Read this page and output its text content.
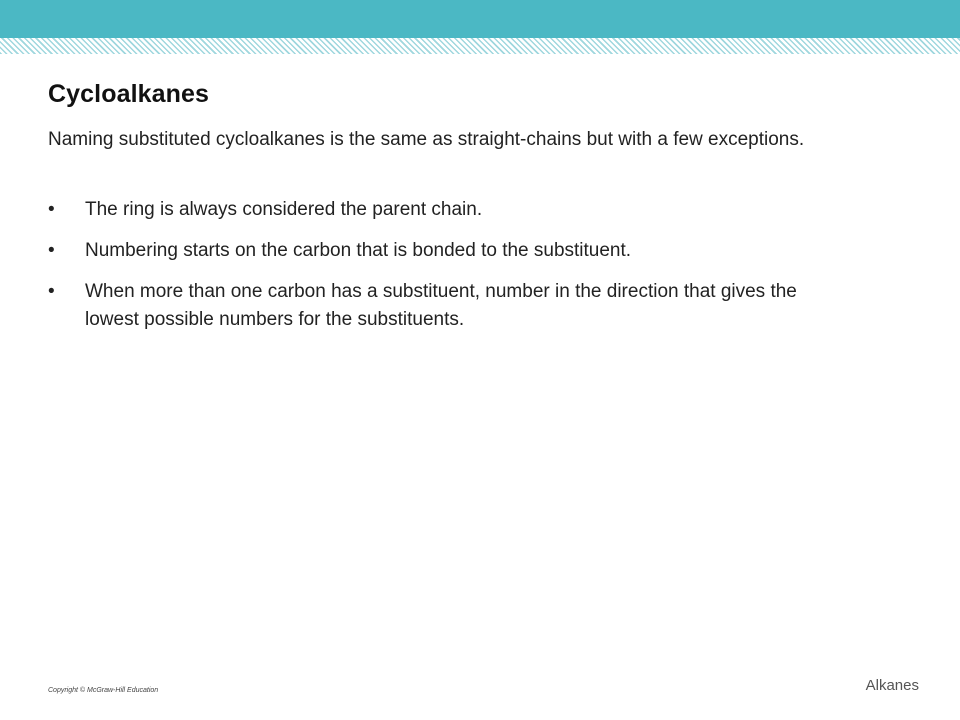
Cycloalkanes

Naming substituted cycloalkanes is the same as straight-chains but with a few exceptions.

• The ring is always considered the parent chain.
• Numbering starts on the carbon that is bonded to the substituent.
• When more than one carbon has a substituent, number in the direction that gives the lowest possible numbers for the substituents.
Copyright © McGraw-Hill Education	Alkanes
